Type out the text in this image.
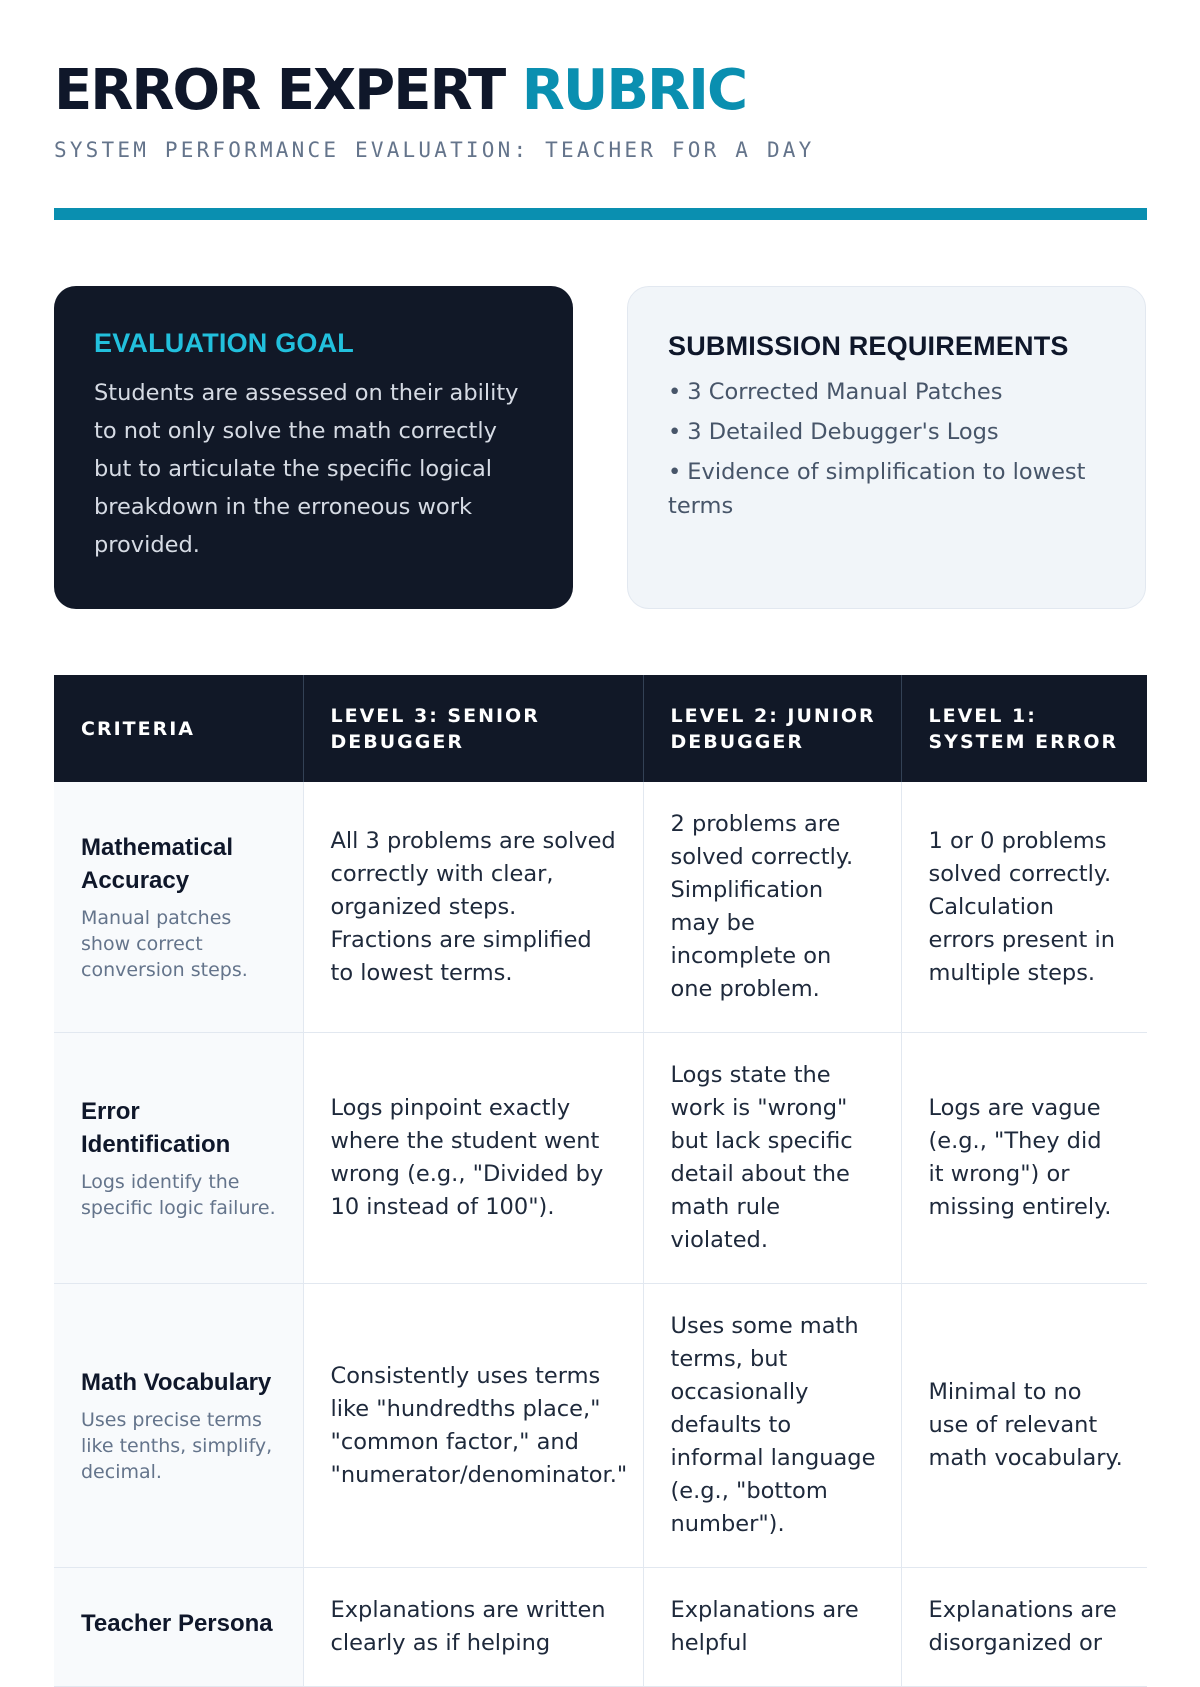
ERROR EXPERT RUBRIC
SYSTEM PERFORMANCE EVALUATION: TEACHER FOR A DAY
EVALUATION GOAL
Students are assessed on their ability to not only solve the math correctly but to articulate the specific logical breakdown in the erroneous work provided.
SUBMISSION REQUIREMENTS
• 3 Corrected Manual Patches
• 3 Detailed Debugger's Logs
• Evidence of simplification to lowest terms
CRITERIA	LEVEL 3: SENIOR DEBUGGER	LEVEL 2: JUNIOR DEBUGGER	LEVEL 1: SYSTEM ERROR

Mathematical Accuracy
Manual patches show correct conversion steps.	All 3 problems are solved correctly with clear, organized steps. Fractions are simplified to lowest terms.	2 problems are solved correctly. Simplification may be incomplete on one problem.	1 or 0 problems solved correctly. Calculation errors present in multiple steps.

Error Identification
Logs identify the specific logic failure.	Logs pinpoint exactly where the student went wrong (e.g., "Divided by 10 instead of 100").	Logs state the work is "wrong" but lack specific detail about the math rule violated.	Logs are vague (e.g., "They did it wrong") or missing entirely.

Math Vocabulary
Uses precise terms like tenths, simplify, decimal.	Consistently uses terms like "hundredths place," "common factor," and "numerator/denominator."	Uses some math terms, but occasionally defaults to informal language (e.g., "bottom number").	Minimal to no use of relevant math vocabulary.

Teacher Persona	Explanations are written clearly as if helping	Explanations are helpful	Explanations are disorganized or
